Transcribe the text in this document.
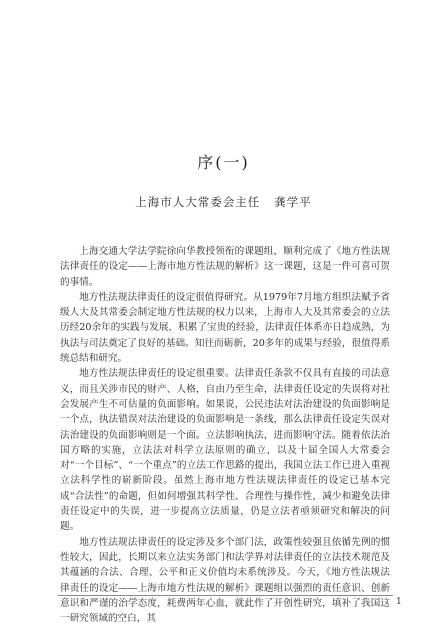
序(一)
上海市人大常委会主任 龚学平

上海交通大学法学院徐向华教授领衔的课题组，顺利完成了《地方性法规法律责任的设定——上海市地方性法规的解析》这一课题，这是一件可喜可贺的事情。

地方性法规法律责任的设定很值得研究。从1979年7月地方组织法赋予省级人大及其常委会制定地方性法规的权力以来，上海市人大及其常委会的立法历经20余年的实践与发展，积累了宝贵的经验，法律责任体系亦日趋成熟，为执法与司法奠定了良好的基础。知往而砺新，20多年的成果与经验，很值得系统总结和研究。

地方性法规法律责任的设定很重要。法律责任条款不仅具有直接的司法意义，而且关涉市民的财产、人格，自由乃至生命，法律责任设定的失误将对社会发展产生不可估量的负面影响。如果说，公民违法对法治建设的负面影响是一个点，执法错误对法治建设的负面影响是一条线，那么法律责任设定失误对法治建设的负面影响则是一个面。立法影响执法，进而影响守法。随着依法治国方略的实施，立法法对科学立法原则的确立，以及十届全国人大常委会对“一个目标”、“一个重点”的立法工作思路的提出，我国立法工作已进入重视立法科学性的崭新阶段。虽然上海市地方性法规法律责任的设定已基本完成“合法性”的命题，但如何增强其科学性、合理性与操作性，减少和避免法律责任设定中的失误，进一步提高立法质量，仍是立法者亟须研究和解决的问题。

地方性法规法律责任的设定涉及多个部门法，政策性较强且依循先例的惯性较大，因此，长期以来立法实务部门和法学界对法律责任的立法技术规范及其蕴涵的合法、合理、公平和正义价值均未系统涉及。今天，《地方性法规法律责任的设定——上海市地方性法规的解析》课题组以强烈的责任意识、创新意识和严谨的治学态度，耗费两年心血，就此作了开创性研究，填补了我国这一研究领域的空白，其

1
